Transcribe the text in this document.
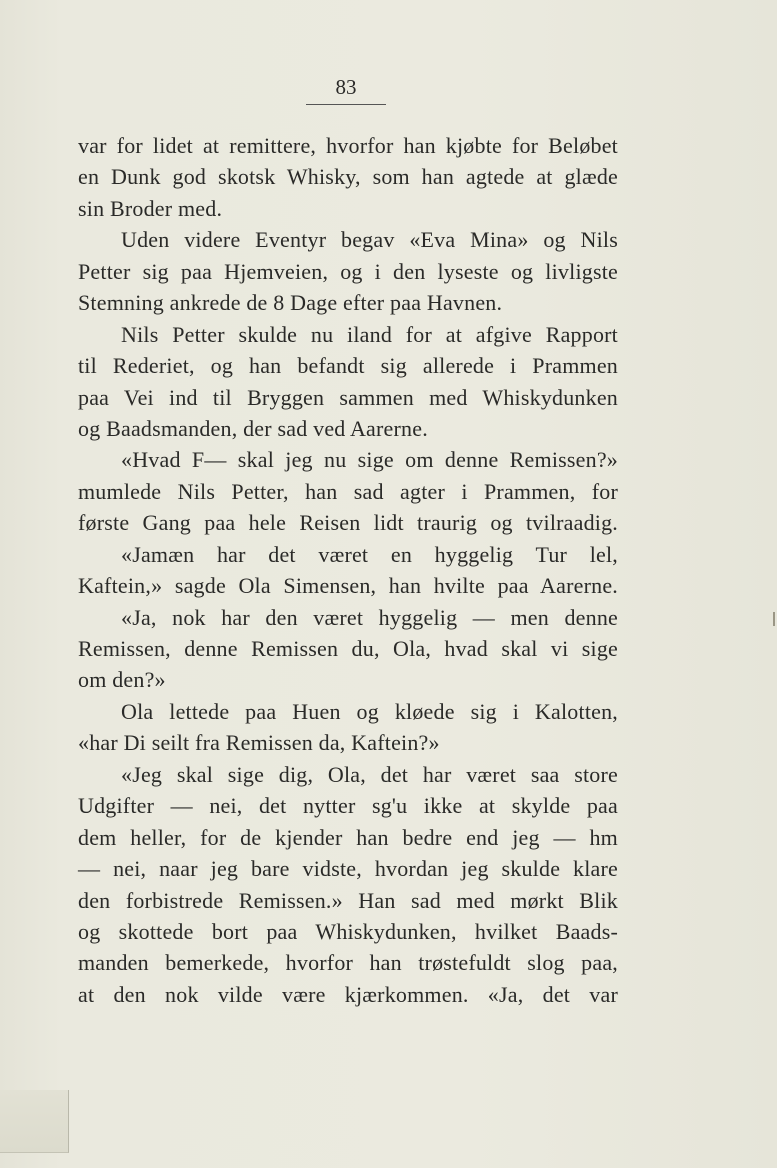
83
var for lidet at remittere, hvorfor han kjøbte for Beløbet
en Dunk god skotsk Whisky, som han agtede at glæde
sin Broder med.
Uden videre Eventyr begav «Eva Mina» og Nils
Petter sig paa Hjemveien, og i den lyseste og livligste
Stemning ankrede de 8 Dage efter paa Havnen.
Nils Petter skulde nu iland for at afgive Rapport
til Rederiet, og han befandt sig allerede i Prammen
paa Vei ind til Bryggen sammen med Whiskydunken
og Baadsmanden, der sad ved Aarerne.
«Hvad F— skal jeg nu sige om denne Remissen?»
mumlede Nils Petter, han sad agter i Prammen, for
første Gang paa hele Reisen lidt traurig og tvilraadig.
«Jamæn har det været en hyggelig Tur lel,
Kaftein,» sagde Ola Simensen, han hvilte paa Aarerne.
«Ja, nok har den været hyggelig — men denne
Remissen, denne Remissen du, Ola, hvad skal vi sige
om den?»
Ola lettede paa Huen og kløede sig i Kalotten,
«har Di seilt fra Remissen da, Kaftein?»
«Jeg skal sige dig, Ola, det har været saa store
Udgifter — nei, det nytter sg'u ikke at skylde paa
dem heller, for de kjender han bedre end jeg — hm
— nei, naar jeg bare vidste, hvordan jeg skulde klare
den forbistrede Remissen.» Han sad med mørkt Blik
og skottede bort paa Whiskydunken, hvilket Baads-
manden bemerkede, hvorfor han trøstefuldt slog paa,
at den nok vilde være kjærkommen. «Ja, det var
